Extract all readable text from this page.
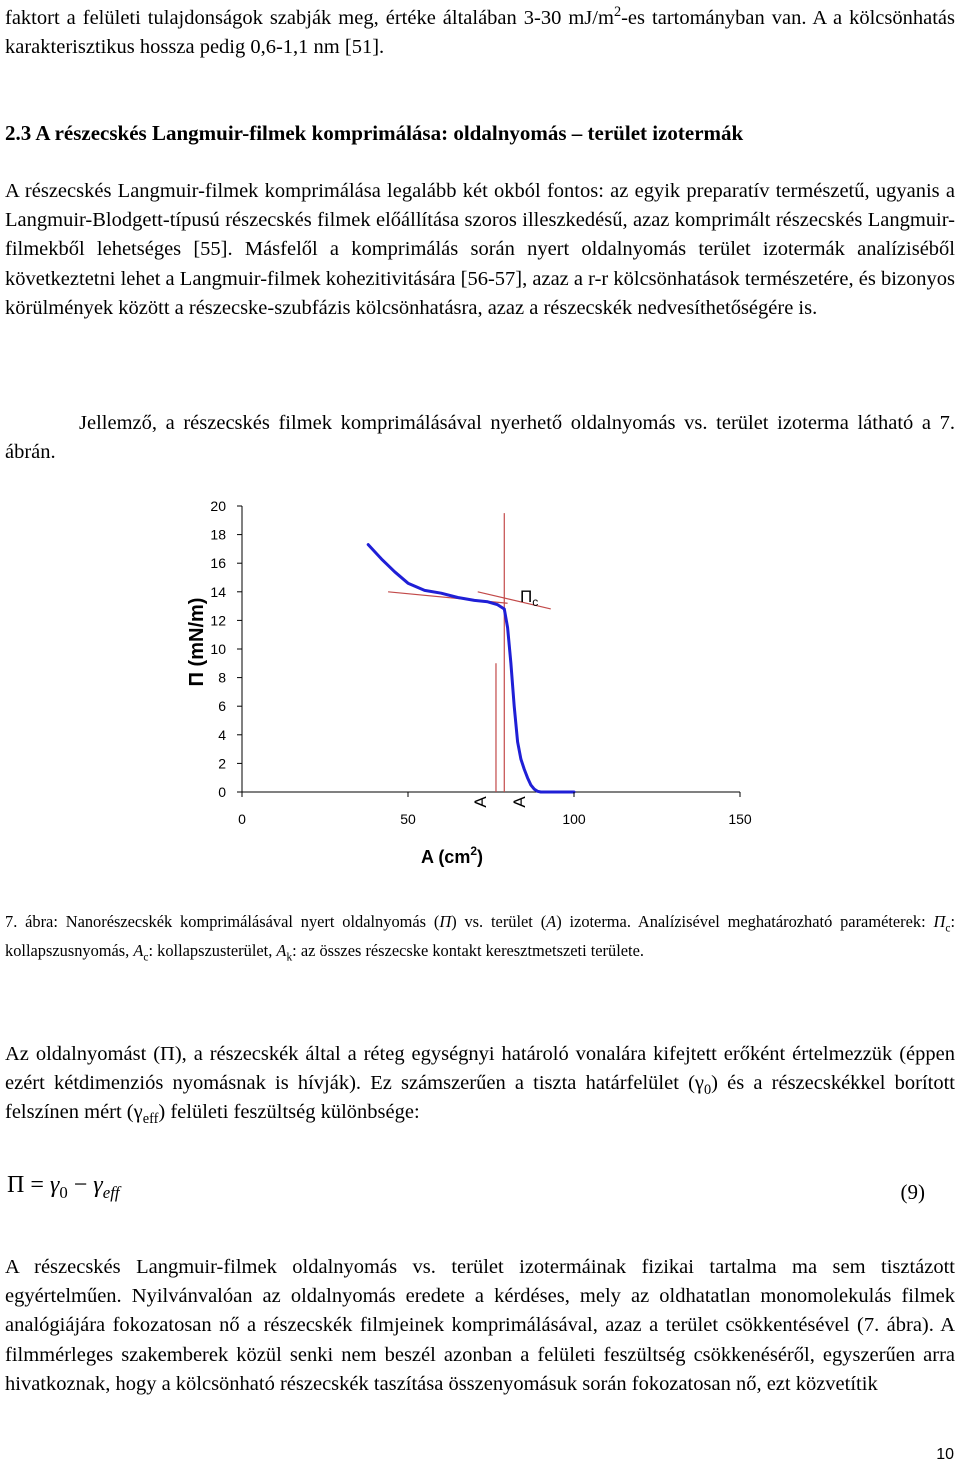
faktort a felületi tulajdonságok szabják meg, értéke általában 3-30 $mJ/m^2-es$ tartományban van. A a kölcsönhatás karakterisztikus hossza pedig 0,6-1,1 nm [51].

2.3 A részecskés Langmuir-filmek komprimálása: oldalnyomás – terület izotermák

A részecskés Langmuir-filmek komprimálása legalább két okból fontos: az egyik preparatív természetű, ugyanis a Langmuir-Blodgett-típusú részecskés filmek előállítása szoros illeszkedésű, azaz komprimált részecskés Langmuir-filmekből lehetséges [55]. Másfelől a komprimálás során nyert oldalnyomás terület izotermák analíziséből következtetni lehet a Langmuir-filmek kohezitivitására [56-57], azaz a r-r kölcsönhatások természetére, és bizonyos körülmények között a részecske-szubfázis kölcsönhatásra, azaz a részecskék nedvesíthetőségére is.

Jellemző, a részecskés filmek komprimálásával nyerhető oldalnyomás vs. terület izoterma látható a 7. ábrán.

0
2
4
6
8
10
12
14
16
18
20
0	50	100	150
Π (mN/m)
A $(cm^2)$
$\Pi_c$
A A

7. ábra: Nanorészecskék komprimálásával nyert oldalnyomás (Π) vs. terület (A) izoterma. Analízisével meghatározható paraméterek: $\Pi_c$: kollapszusnyomás, $A_c$: kollapszusterület, $A_k$: az összes részecske kontakt keresztmetszeti területe.

Az oldalnyomást (Π), a részecskék által a réteg egységnyi határoló vonalára kifejtett erőként értelmezzük (éppen ezért kétdimenziós nyomásnak is hívják). Ez számszerűen a tiszta határfelület $(\gamma_0)$ és a részecskékkel borított felszínen mért $(\gamma_{eff})$ felületi feszültség különbsége:

$\Pi = \gamma_0 - \gamma_{eff}$	(9)

A részecskés Langmuir-filmek oldalnyomás vs. terület izotermáinak fizikai tartalma ma sem tisztázott egyértelműen. Nyilvánvalóan az oldalnyomás eredete a kérdéses, mely az oldhatatlan monomolekulás filmek analógiájára fokozatosan nő a részecskék filmjeinek komprimálásával, azaz a terület csökkentésével (7. ábra). A filmmérleges szakemberek közül senki nem beszél azonban a felületi feszültség csökkenéséről, egyszerűen arra hivatkoznak, hogy a kölcsönható részecskék taszítása összenyomásuk során fokozatosan nő, ezt közvetítik

10
